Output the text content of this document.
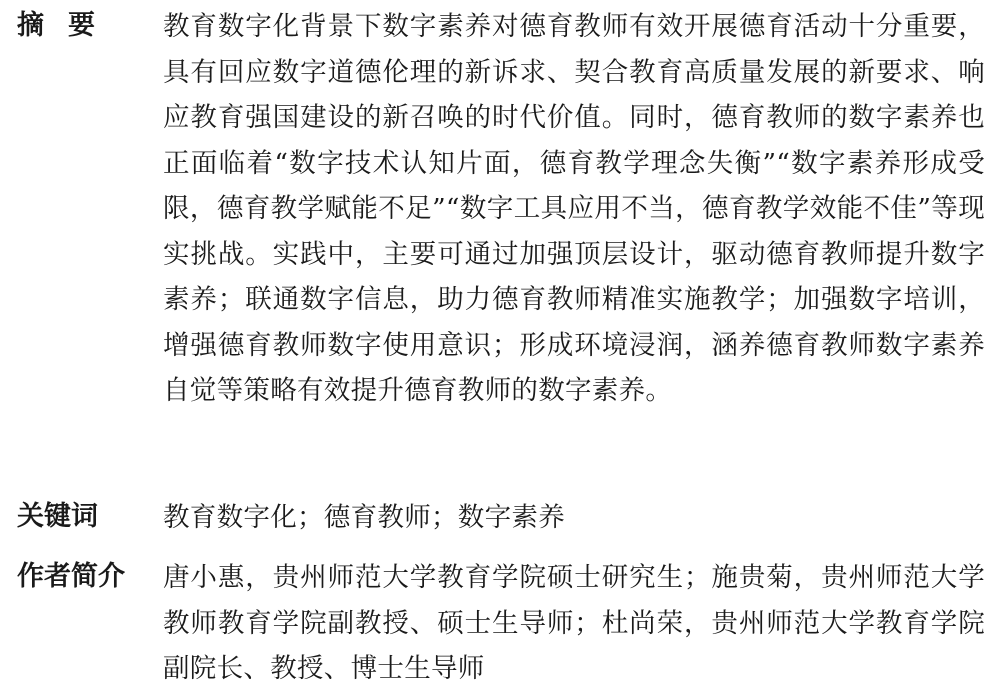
摘要 教育数字化背景下数字素养对德育教师有效开展德育活动十分重要，具有回应数字道德伦理的新诉求、契合教育高质量发展的新要求、响应教育强国建设的新召唤的时代价值。同时，德育教师的数字素养也正面临着“数字技术认知片面，德育教学理念失衡”“数字素养形成受限，德育教学赋能不足”“数字工具应用不当，德育教学效能不佳”等现实挑战。实践中，主要可通过加强顶层设计，驱动德育教师提升数字素养；联通数字信息，助力德育教师精准实施教学；加强数字培训，增强德育教师数字使用意识；形成环境浸润，涵养德育教师数字素养自觉等策略有效提升德育教师的数字素养。
关键词 教育数字化；德育教师；数字素养
作者简介 唐小惠，贵州师范大学教育学院硕士研究生；施贵菊，贵州师范大学教师教育学院副教授、硕士生导师；杜尚荣，贵州师范大学教育学院副院长、教授、博士生导师
